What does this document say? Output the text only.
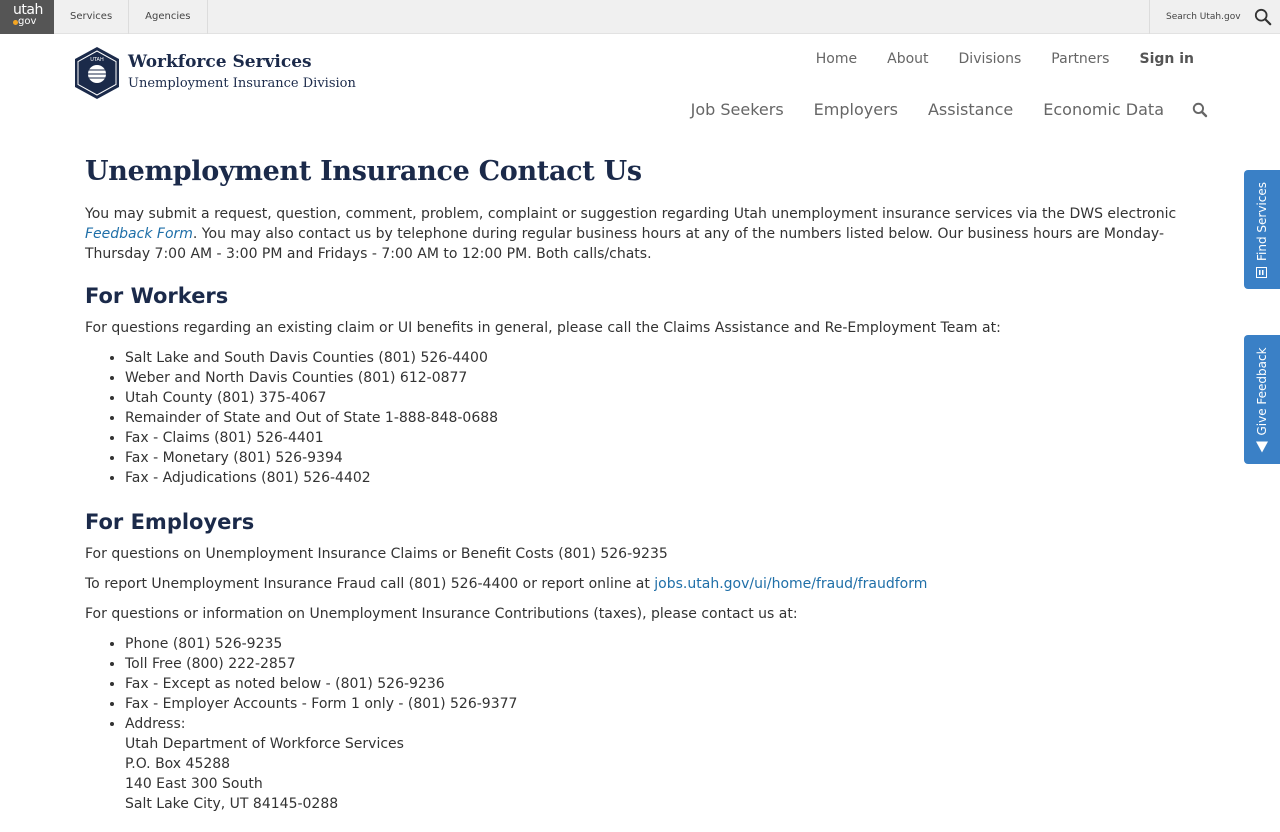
utah
gov	Services	Agencies	Search Utah.gov
UTAH Workforce Services
Unemployment Insurance Division
Home About Divisions Partners Sign in
Job Seekers Employers Assistance Economic Data
Unemployment Insurance Contact Us

You may submit a request, question, comment, problem, complaint or suggestion regarding Utah unemployment insurance services via the DWS electronic Feedback Form. You may also contact us by telephone during regular business hours at any of the numbers listed below. Our business hours are Monday-Thursday 7:00 AM - 3:00 PM and Fridays - 7:00 AM to 12:00 PM. Both calls/chats.

For Workers

For questions regarding an existing claim or UI benefits in general, please call the Claims Assistance and Re-Employment Team at:

• Salt Lake and South Davis Counties (801) 526-4400
• Weber and North Davis Counties (801) 612-0877
• Utah County (801) 375-4067
• Remainder of State and Out of State 1-888-848-0688
• Fax - Claims (801) 526-4401
• Fax - Monetary (801) 526-9394
• Fax - Adjudications (801) 526-4402
For Employers

For questions on Unemployment Insurance Claims or Benefit Costs (801) 526-9235

To report Unemployment Insurance Fraud call (801) 526-4400 or report online at jobs.utah.gov/ui/home/fraud/fraudform

For questions or information on Unemployment Insurance Contributions (taxes), please contact us at:

• Phone (801) 526-9235
• Toll Free (800) 222-2857
• Fax - Except as noted below - (801) 526-9236
• Fax - Employer Accounts - Form 1 only - (801) 526-9377
• Address:
Utah Department of Workforce Services
P.O. Box 45288
140 East 300 South
Salt Lake City, UT 84145-0288
Find Services
Give Feedback
